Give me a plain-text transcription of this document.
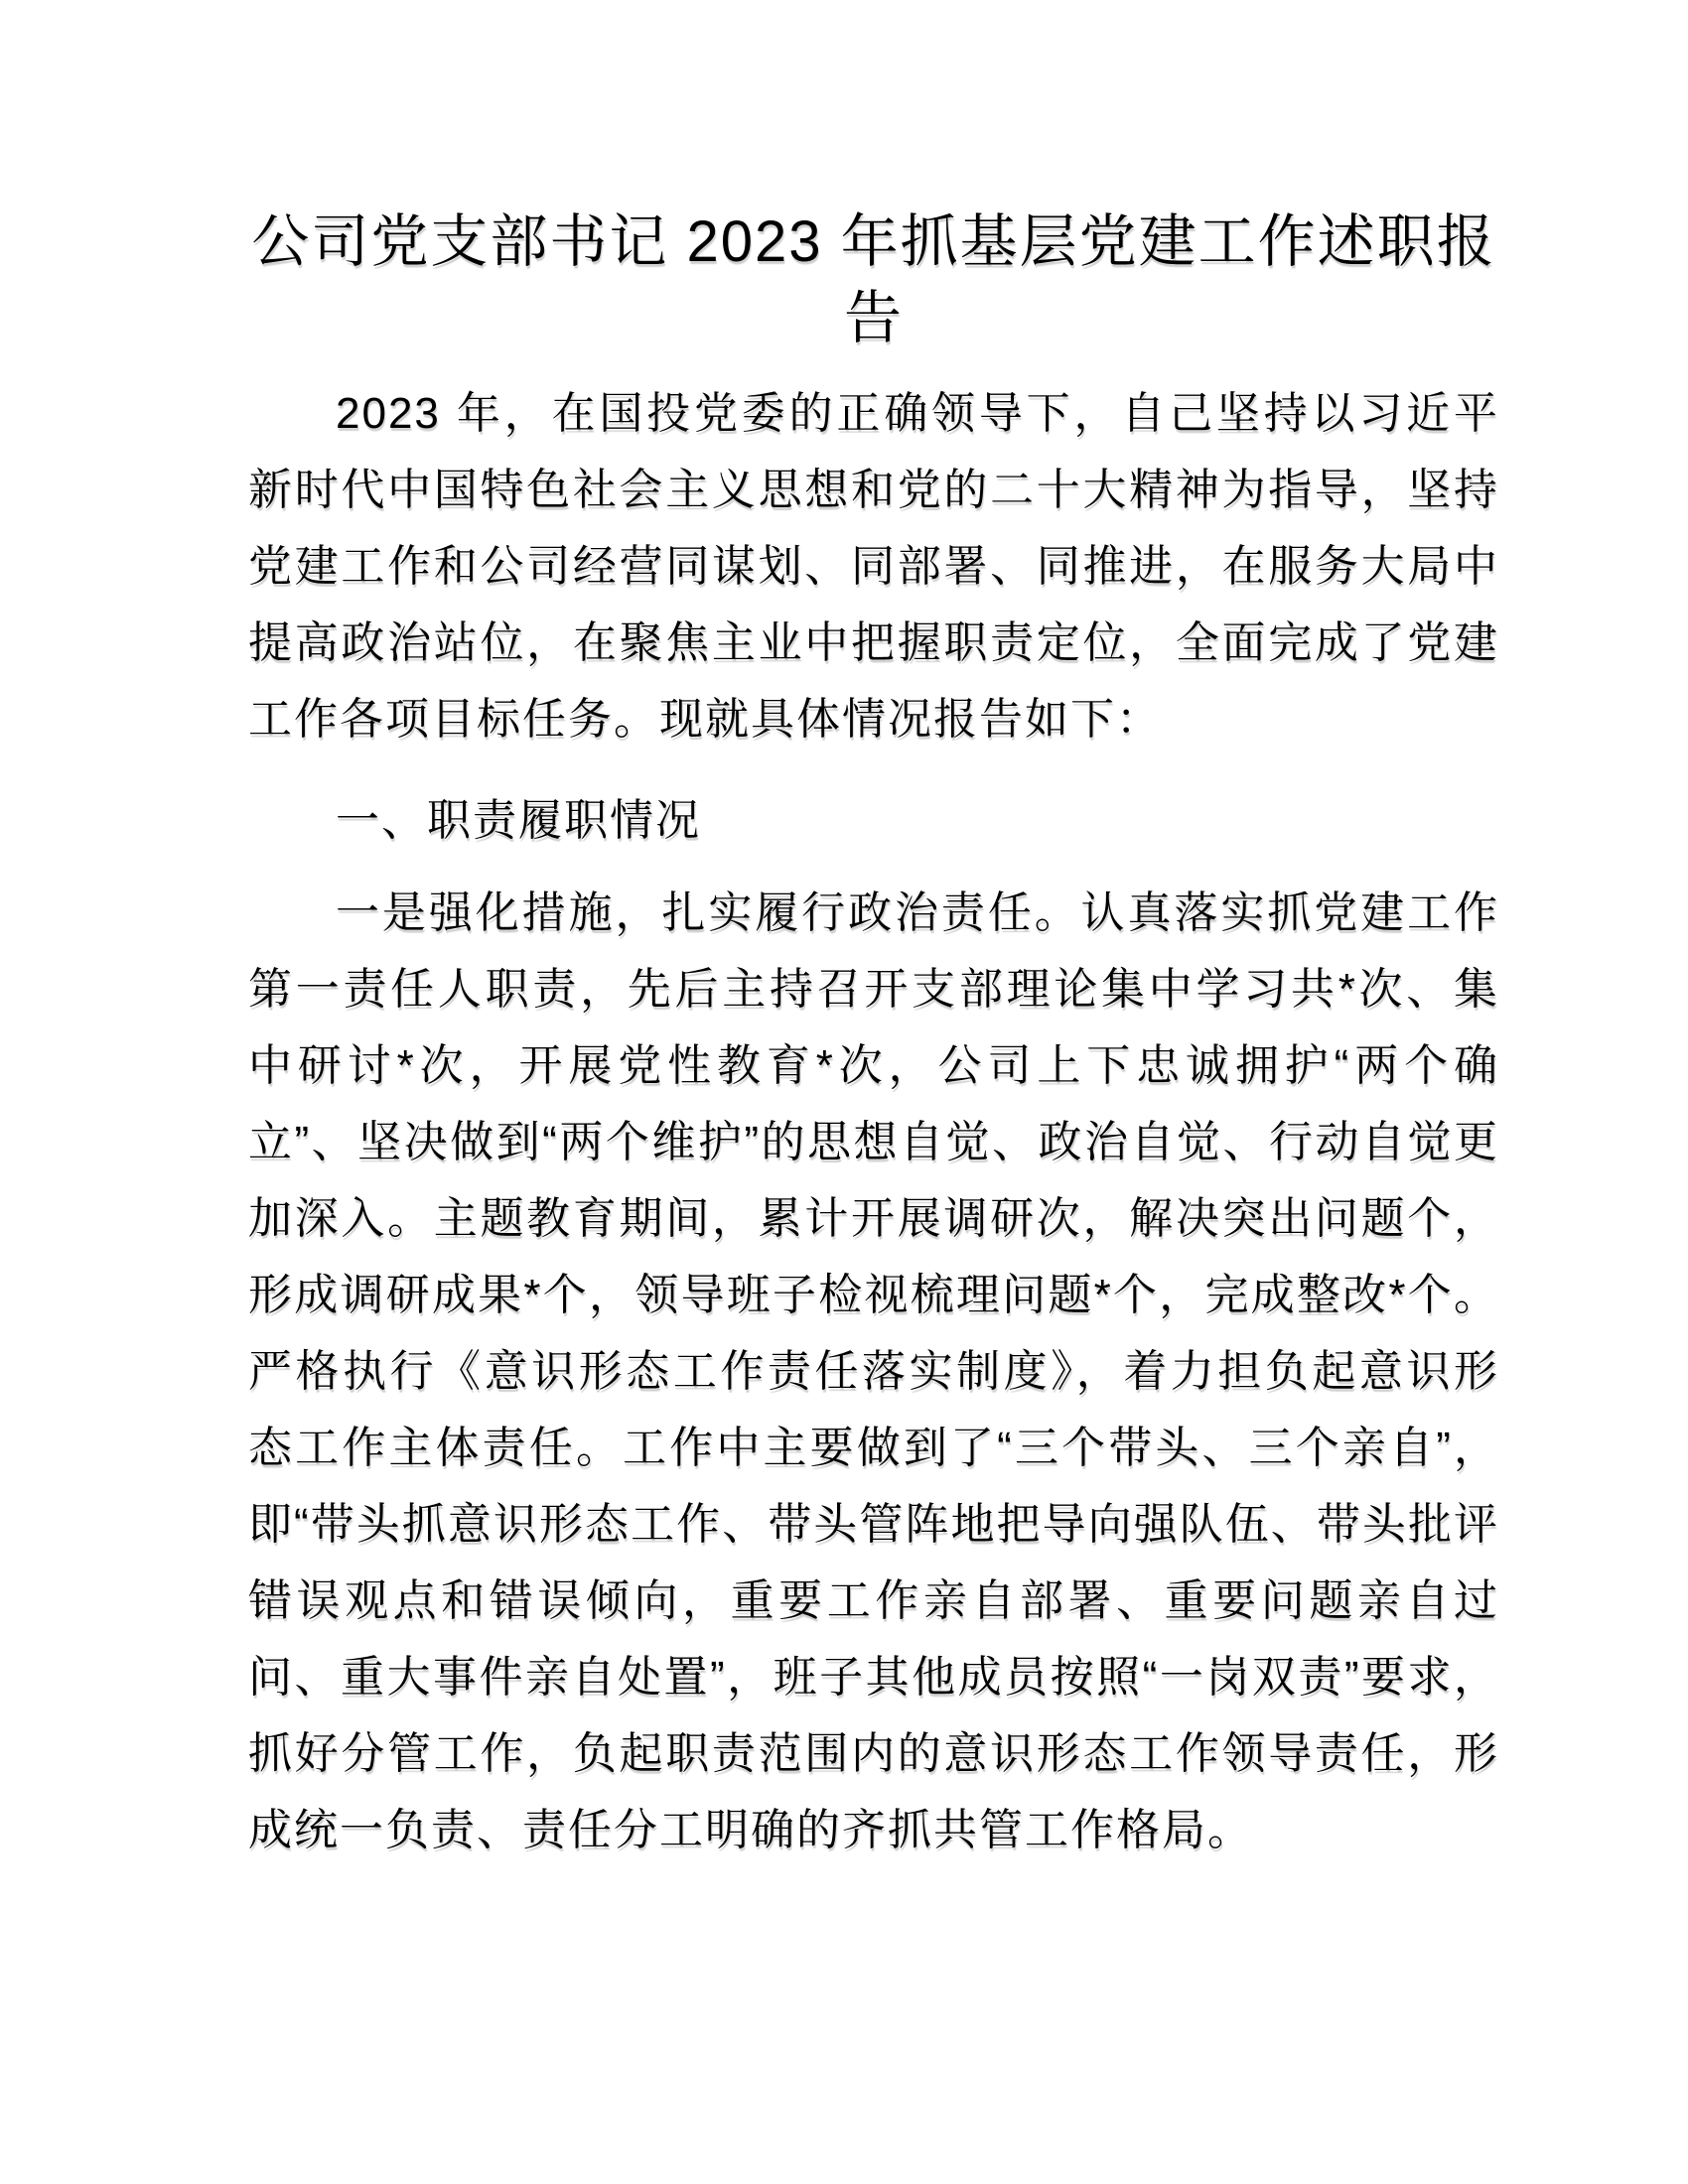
公司党支部书记 2023 年抓基层党建工作述职报告

2023 年，在国投党委的正确领导下，自己坚持以习近平新时代中国特色社会主义思想和党的二十大精神为指导，坚持党建工作和公司经营同谋划、同部署、同推进，在服务大局中提高政治站位，在聚焦主业中把握职责定位，全面完成了党建工作各项目标任务。现就具体情况报告如下：

一、职责履职情况

一是强化措施，扎实履行政治责任。认真落实抓党建工作第一责任人职责，先后主持召开支部理论集中学习共*次、集中研讨*次，开展党性教育*次，公司上下忠诚拥护“两个确立”、坚决做到“两个维护”的思想自觉、政治自觉、行动自觉更加深入。主题教育期间，累计开展调研次，解决突出问题个，形成调研成果*个，领导班子检视梳理问题*个，完成整改*个。严格执行《意识形态工作责任落实制度》，着力担负起意识形态工作主体责任。工作中主要做到了“三个带头、三个亲自”，即“带头抓意识形态工作、带头管阵地把导向强队伍、带头批评错误观点和错误倾向，重要工作亲自部署、重要问题亲自过问、重大事件亲自处置”，班子其他成员按照“一岗双责”要求，抓好分管工作，负起职责范围内的意识形态工作领导责任，形成统一负责、责任分工明确的齐抓共管工作格局。
